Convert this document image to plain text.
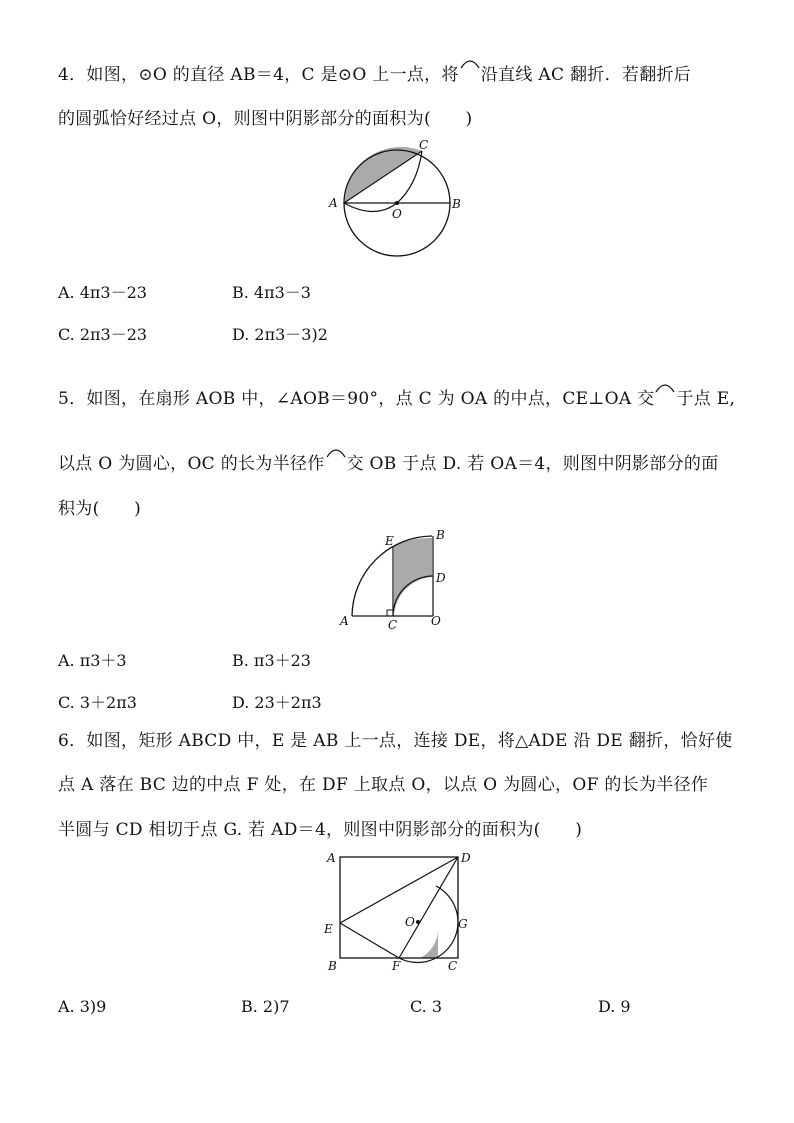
4．如图，⊙O 的直径 AB＝4，C 是⊙O 上一点，将 沿直线 AC 翻折．若翻折后
的圆弧恰好经过点 O，则图中阴影部分的面积为(　　)
A	B
C
O
A. 4π3－23	B. 4π3－3
C. 2π3－23	D. 2π3－3)2
5．如图，在扇形 AOB 中，∠AOB＝90°，点 C 为 OA 的中点，CE⊥OA 交 于点 E,
以点 O 为圆心，OC 的长为半径作 交 OB 于点 D. 若 OA＝4，则图中阴影部分的面
积为(　　)
A	C	O
E	B
D
A. π3＋3	B. π3＋23
C. 3＋2π3	D. 23＋2π3
6．如图，矩形 ABCD 中，E 是 AB 上一点，连接 DE，将△ADE 沿 DE 翻折，恰好使
点 A 落在 BC 边的中点 F 处，在 DF 上取点 O，以点 O 为圆心，OF 的长为半径作
半圆与 CD 相切于点 G. 若 AD＝4，则图中阴影部分的面积为(　　)
A	D
E
B	F	C
G
O
A. 3)9	B. 2)7	C. 3	D. 9
